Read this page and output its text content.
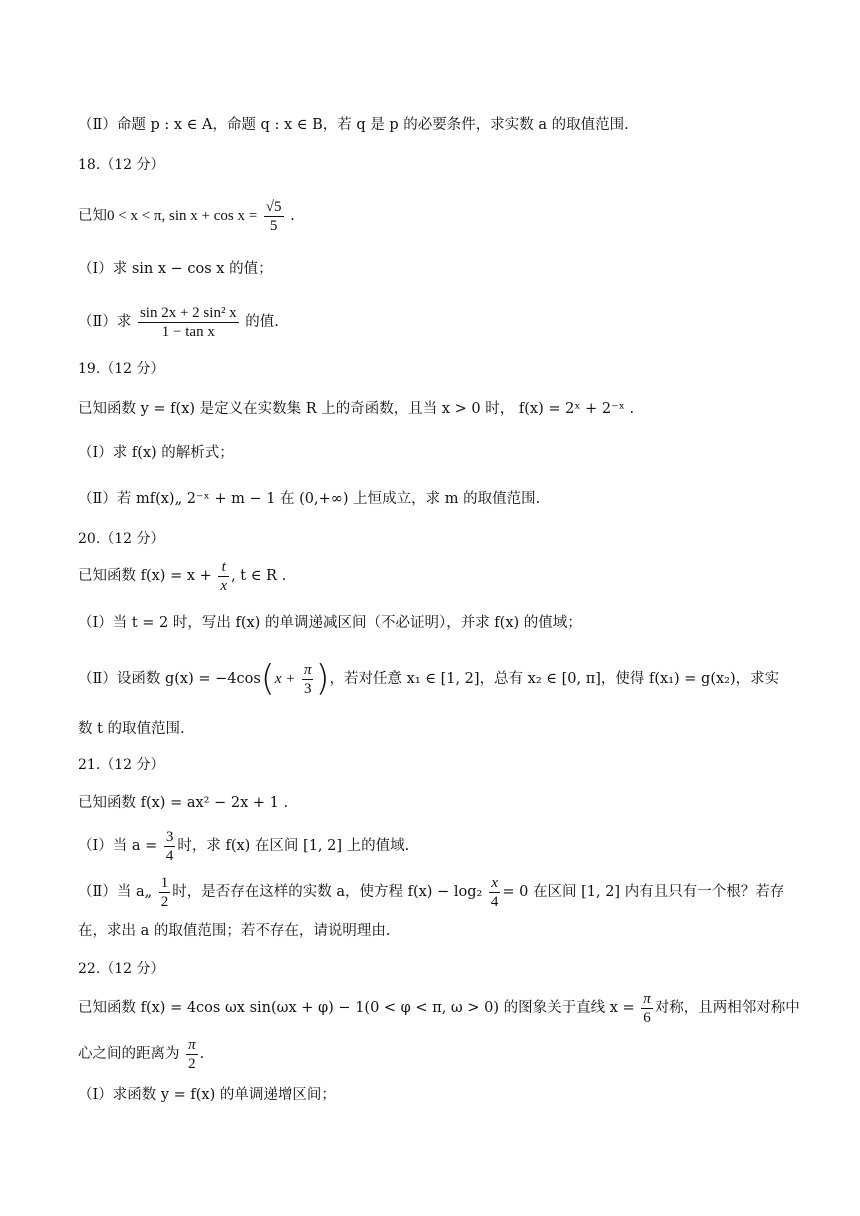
（Ⅱ）命题 p : x ∈ A，命题 q : x ∈ B，若 q 是 p 的必要条件，求实数 a 的取值范围.
18.（12 分）
已知0 < x < π, $\sin x + \cos x = \frac{√5}{5}$ .
（Ⅰ）求 sin x − cos x 的值；
（Ⅱ）求 $\frac{\text{sin 2x + 2 sin² x}}{\text{1 − tan x}}$ 的值.
19.（12 分）
已知函数 y = f(x) 是定义在实数集 R 上的奇函数，且当 x > 0 时， f(x) = 2ˣ + 2⁻ˣ .
（Ⅰ）求 f(x) 的解析式；
（Ⅱ）若 mf(x)„ 2⁻ˣ + m − 1 在 (0,+∞) 上恒成立，求 m 的取值范围.
20.（12 分）
已知函数 $f(x) = x + \frac{t}{x}$ , t ∈ R .
（Ⅰ）当 t = 2 时，写出 f(x) 的单调递减区间（不必证明），并求 f(x) 的值域；
（Ⅱ）设函数 $g(x) = -4\cos(x + \frac{\pi}{3}$ )，若对任意 x₁ ∈ [1, 2]，总有 x₂ ∈ [0, π]，使得 f(x₁) = g(x₂)，求实
数 t 的取值范围.
21.（12 分）
已知函数 f(x) = ax² − 2x + 1 .
（Ⅰ）当 $a = \frac{3}{4}$ 时，求 f(x) 在区间 [1, 2] 上的值域.
（Ⅱ）当 a„ $\frac{1}{2}$ 时，是否存在这样的实数 a，使方程 $f(x) - \log_2 \frac{x}{4} = 0$ 在区间 [1, 2] 内有且只有一个根？若存
在，求出 a 的取值范围；若不存在，请说明理由.
22.（12 分）
已知函数 f(x) = 4cos ωx sin(ωx + φ) − 1(0 < φ < π, ω > 0) 的图象关于直线 $x = \frac{\pi}{6}$ 对称，且两相邻对称中
心之间的距离为 $\frac{\pi}{2}$ .
（Ⅰ）求函数 y = f(x) 的单调递增区间；
